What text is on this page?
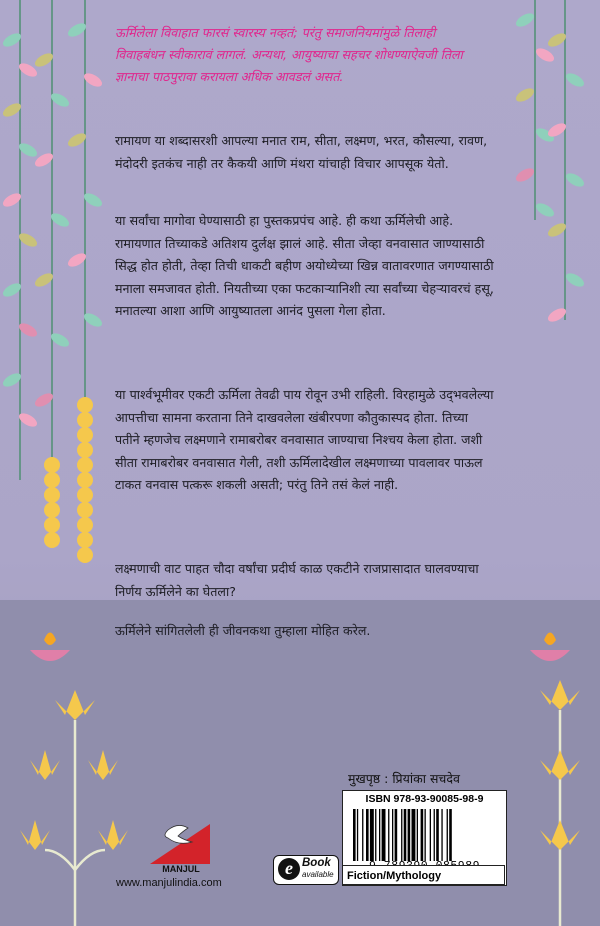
ऊर्मिलेला विवाहात फारसं स्वारस्य नव्हतं; परंतु समाजनियमांमुळे तिलाही विवाहबंधन स्वीकारावं लागलं. अन्यथा, आयुष्याचा सहचर शोधण्याऐवजी तिला ज्ञानाचा पाठपुरावा करायला अधिक आवडलं असतं.

रामायण या शब्दासरशी आपल्या मनात राम, सीता, लक्ष्मण, भरत, कौसल्या, रावण, मंदोदरी इतकंच नाही तर कैकयी आणि मंथरा यांचाही विचार आपसूक येतो.

या सर्वांचा मागोवा घेण्यासाठी हा पुस्तकप्रपंच आहे. ही कथा ऊर्मिलेची आहे. रामायणात तिच्याकडे अतिशय दुर्लक्ष झालं आहे. सीता जेव्हा वनवासात जाण्यासाठी सिद्ध होत होती, तेव्हा तिची धाकटी बहीण अयोध्येच्या खिन्न वातावरणात जगण्यासाठी मनाला समजावत होती. नियतीच्या एका फटकाऱ्यानिशी त्या सर्वांच्या चेहऱ्यावरचं हसू, मनातल्या आशा आणि आयुष्यातला आनंद पुसला गेला होता.

या पार्श्वभूमीवर एकटी ऊर्मिला तेवढी पाय रोवून उभी राहिली. विरहामुळे उद्‌भवलेल्या आपत्तीचा सामना करताना तिने दाखवलेला खंबीरपणा कौतुकास्पद होता. तिच्या पतीने म्हणजेच लक्ष्मणाने रामाबरोबर वनवासात जाण्याचा निश्चय केला होता. जशी सीता रामाबरोबर वनवासात गेली, तशी ऊर्मिलादेखील लक्ष्मणाच्या पावलावर पाऊल टाकत वनवास पत्करू शकली असती; परंतु तिने तसं केलं नाही.

लक्ष्मणाची वाट पाहत चौदा वर्षांचा प्रदीर्घ काळ एकटीने राजप्रासादात घालवण्याचा निर्णय ऊर्मिलेने का घेतला?

ऊर्मिलेने सांगितलेली ही जीवनकथा तुम्हाला मोहित करेल.

मुखपृष्ठ : प्रियांका सचदेव
ISBN 978-93-90085-98-9
Fiction/Mythology
e Book
available
MANJUL
www.manjulindia.com
